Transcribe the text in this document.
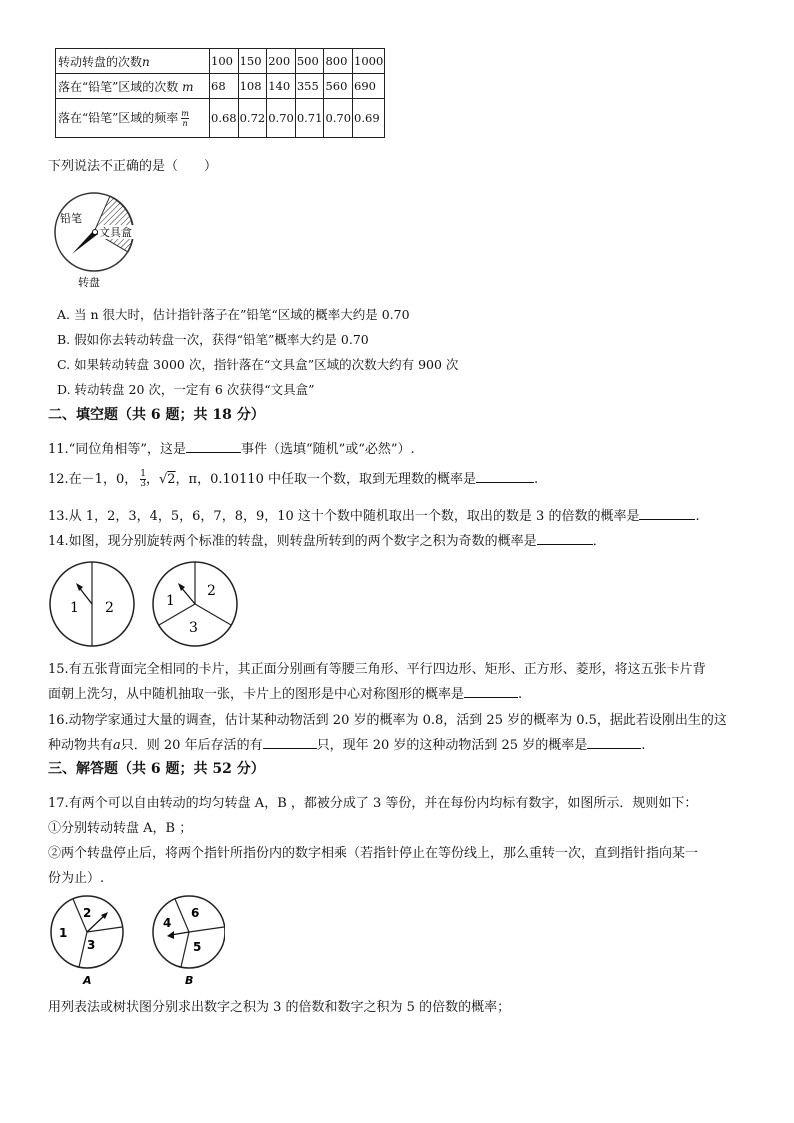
转动转盘的次数n	100	150	200	500	800	1000
落在“铅笔”区域的次数 m	68	108	140	355	560	690
落在“铅笔”区域的频率 $\frac{m}{n}$	0.68	0.72	0.70	0.71	0.70	0.69
下列说法不正确的是（　　）
文具盒
铅笔
转盘
A. 当 n 很大时，估计指针落子在”铅笔“区域的概率大约是 0.70
B. 假如你去转动转盘一次，获得“铅笔”概率大约是 0.70
C. 如果转动转盘 3000 次，指针落在“文具盒”区域的次数大约有 900 次
D. 转动转盘 20 次，一定有 6 次获得“文具盒”
二、填空题（共 6 题；共 18 分）
11.“同位角相等”，这是	事件（选填“随机”或“必然”）.
12.在－1，0， $\frac{1}{3}$ ，√2，π，0.10110 中任取一个数，取到无理数的概率是	.
13.从 1，2，3，4，5，6，7，8，9，10 这十个数中随机取出一个数，取出的数是 3 的倍数的概率是	.
14.如图，现分别旋转两个标准的转盘，则转盘所转到的两个数字之积为奇数的概率是	．
1 2	1
2
3
15.有五张背面完全相同的卡片，其正面分别画有等腰三角形、平行四边形、矩形、正方形、菱形，将这五张卡片背
面朝上洗匀，从中随机抽取一张，卡片上的图形是中心对称图形的概率是	.
16.动物学家通过大量的调查，估计某种动物活到 20 岁的概率为 0.8，活到 25 岁的概率为 0.5，据此若设刚出生的这
种动物共有a只．则 20 年后存活的有	只，现年 20 岁的这种动物活到 25 岁的概率是	.
三、解答题（共 6 题；共 52 分）
17.有两个可以自由转动的均匀转盘 A，B ，都被分成了 3 等份，并在每份内均标有数字，如图所示．规则如下：
①分别转动转盘 A，B ；
②两个转盘停止后，将两个指针所指份内的数字相乘（若指针停止在等份线上，那么重转一次，直到指针指向某一
份为止）.
2
1
3
A
6
4
5
B
用列表法或树状图分别求出数字之积为 3 的倍数和数字之积为 5 的倍数的概率；
